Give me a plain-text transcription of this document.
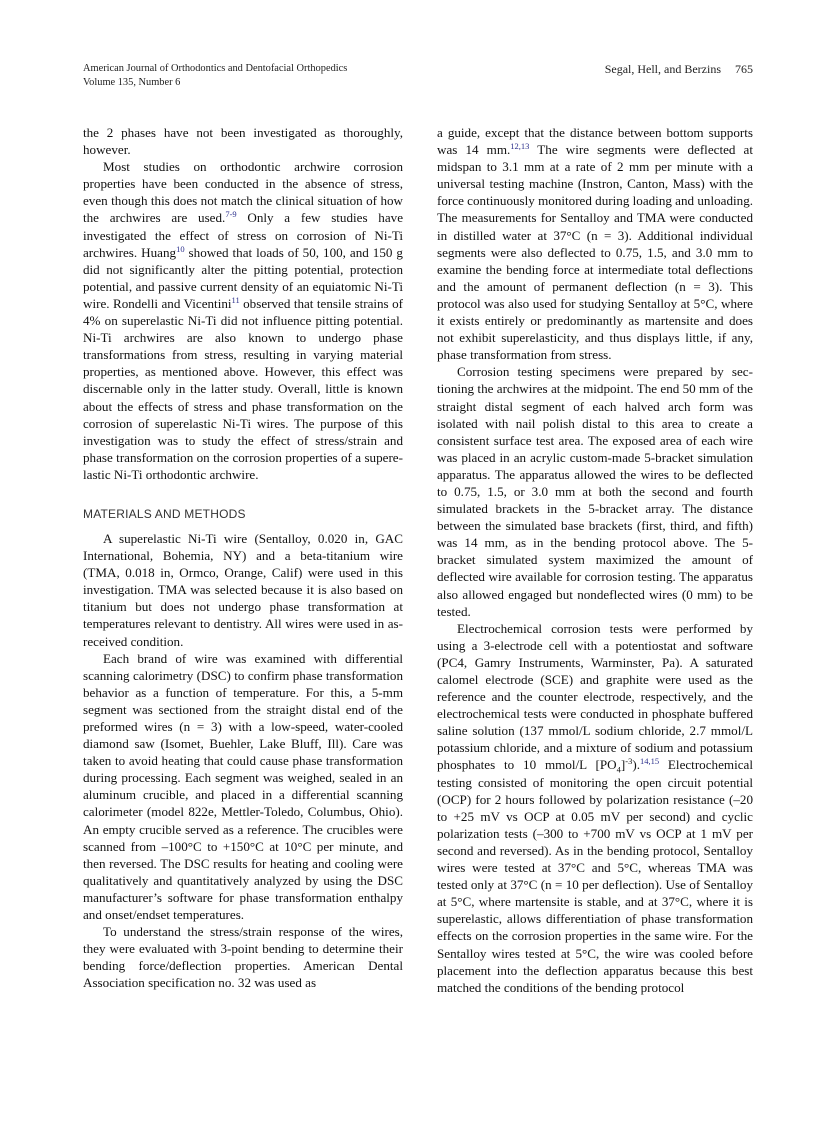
American Journal of Orthodontics and Dentofacial Orthopedics
Volume 135, Number 6
Segal, Hell, and Berzins 765

the 2 phases have not been investigated as thoroughly, however.

Most studies on orthodontic archwire corrosion properties have been conducted in the absence of stress, even though this does not match the clinical situation of how the archwires are used.$^{7-9}$ Only a few studies have investigated the effect of stress on corrosion of Ni-Ti archwires. Huang$^{10}$ showed that loads of 50, 100, and 150 g did not significantly alter the pitting potential, protection potential, and passive current density of an equiatomic Ni-Ti wire. Rondelli and Vicentini$^{11}$ observed that tensile strains of 4% on superelastic Ni-Ti did not influence pitting potential. Ni-Ti archwires are also known to undergo phase transformations from stress, resulting in varying material properties, as mentioned above. However, this effect was discernable only in the latter study. Overall, little is known about the effects of stress and phase transformation on the corrosion of superelastic Ni-Ti wires. The purpose of this investigation was to study the effect of stress/strain and phase transformation on the corrosion properties of a superelastic Ni-Ti orthodontic archwire.

MATERIALS AND METHODS

A superelastic Ni-Ti wire (Sentalloy, 0.020 in, GAC International, Bohemia, NY) and a beta-titanium wire (TMA, 0.018 in, Ormco, Orange, Calif) were used in this investigation. TMA was selected because it is also based on titanium but does not undergo phase transformation at temperatures relevant to dentistry. All wires were used in as-received condition.

Each brand of wire was examined with differential scanning calorimetry (DSC) to confirm phase transformation behavior as a function of temperature. For this, a 5-mm segment was sectioned from the straight distal end of the preformed wires (n = 3) with a low-speed, water-cooled diamond saw (Isomet, Buehler, Lake Bluff, Ill). Care was taken to avoid heating that could cause phase transformation during processing. Each segment was weighed, sealed in an aluminum crucible, and placed in a differential scanning calorimeter (model 822e, Mettler-Toledo, Columbus, Ohio). An empty crucible served as a reference. The crucibles were scanned from –100°C to +150°C at 10°C per minute, and then reversed. The DSC results for heating and cooling were qualitatively and quantitatively analyzed by using the DSC manufacturer’s software for phase transformation enthalpy and onset/endset temperatures.

To understand the stress/strain response of the wires, they were evaluated with 3-point bending to determine their bending force/deflection properties. American Dental Association specification no. 32 was used as

a guide, except that the distance between bottom supports was 14 mm.$^{12,13}$ The wire segments were deflected at midspan to 3.1 mm at a rate of 2 mm per minute with a universal testing machine (Instron, Canton, Mass) with the force continuously monitored during loading and unloading. The measurements for Sentalloy and TMA were conducted in distilled water at 37°C (n = 3). Additional individual segments were also deflected to 0.75, 1.5, and 3.0 mm to examine the bending force at intermediate total deflections and the amount of permanent deflection (n = 3). This protocol was also used for studying Sentalloy at 5°C, where it exists entirely or predominantly as martensite and does not exhibit superelasticity, and thus displays little, if any, phase transformation from stress.

Corrosion testing specimens were prepared by sectioning the archwires at the midpoint. The end 50 mm of the straight distal segment of each halved arch form was isolated with nail polish distal to this area to create a consistent surface test area. The exposed area of each wire was placed in an acrylic custom-made 5-bracket simulation apparatus. The apparatus allowed the wires to be deflected to 0.75, 1.5, or 3.0 mm at both the second and fourth simulated brackets in the 5-bracket array. The distance between the simulated base brackets (first, third, and fifth) was 14 mm, as in the bending protocol above. The 5-bracket simulated system maximized the amount of deflected wire available for corrosion testing. The apparatus also allowed engaged but nondeflected wires (0 mm) to be tested.

Electrochemical corrosion tests were performed by using a 3-electrode cell with a potentiostat and software (PC4, Gamry Instruments, Warminster, Pa). A saturated calomel electrode (SCE) and graphite were used as the reference and the counter electrode, respectively, and the electrochemical tests were conducted in phosphate buffered saline solution (137 mmol/L sodium chloride, 2.7 mmol/L potassium chloride, and a mixture of sodium and potassium phosphates to 10 mmol/L $[PO_4]^{-3}).^{14,15}$ Electrochemical testing consisted of monitoring the open circuit potential (OCP) for 2 hours followed by polarization resistance (–20 to +25 mV vs OCP at 0.05 mV per second) and cyclic polarization tests (–300 to +700 mV vs OCP at 1 mV per second and reversed). As in the bending protocol, Sentalloy wires were tested at 37°C and 5°C, whereas TMA was tested only at 37°C (n = 10 per deflection). Use of Sentalloy at 5°C, where martensite is stable, and at 37°C, where it is superelastic, allows differentiation of phase transformation effects on the corrosion properties in the same wire. For the Sentalloy wires tested at 5°C, the wire was cooled before placement into the deflection apparatus because this best matched the conditions of the bending protocol
